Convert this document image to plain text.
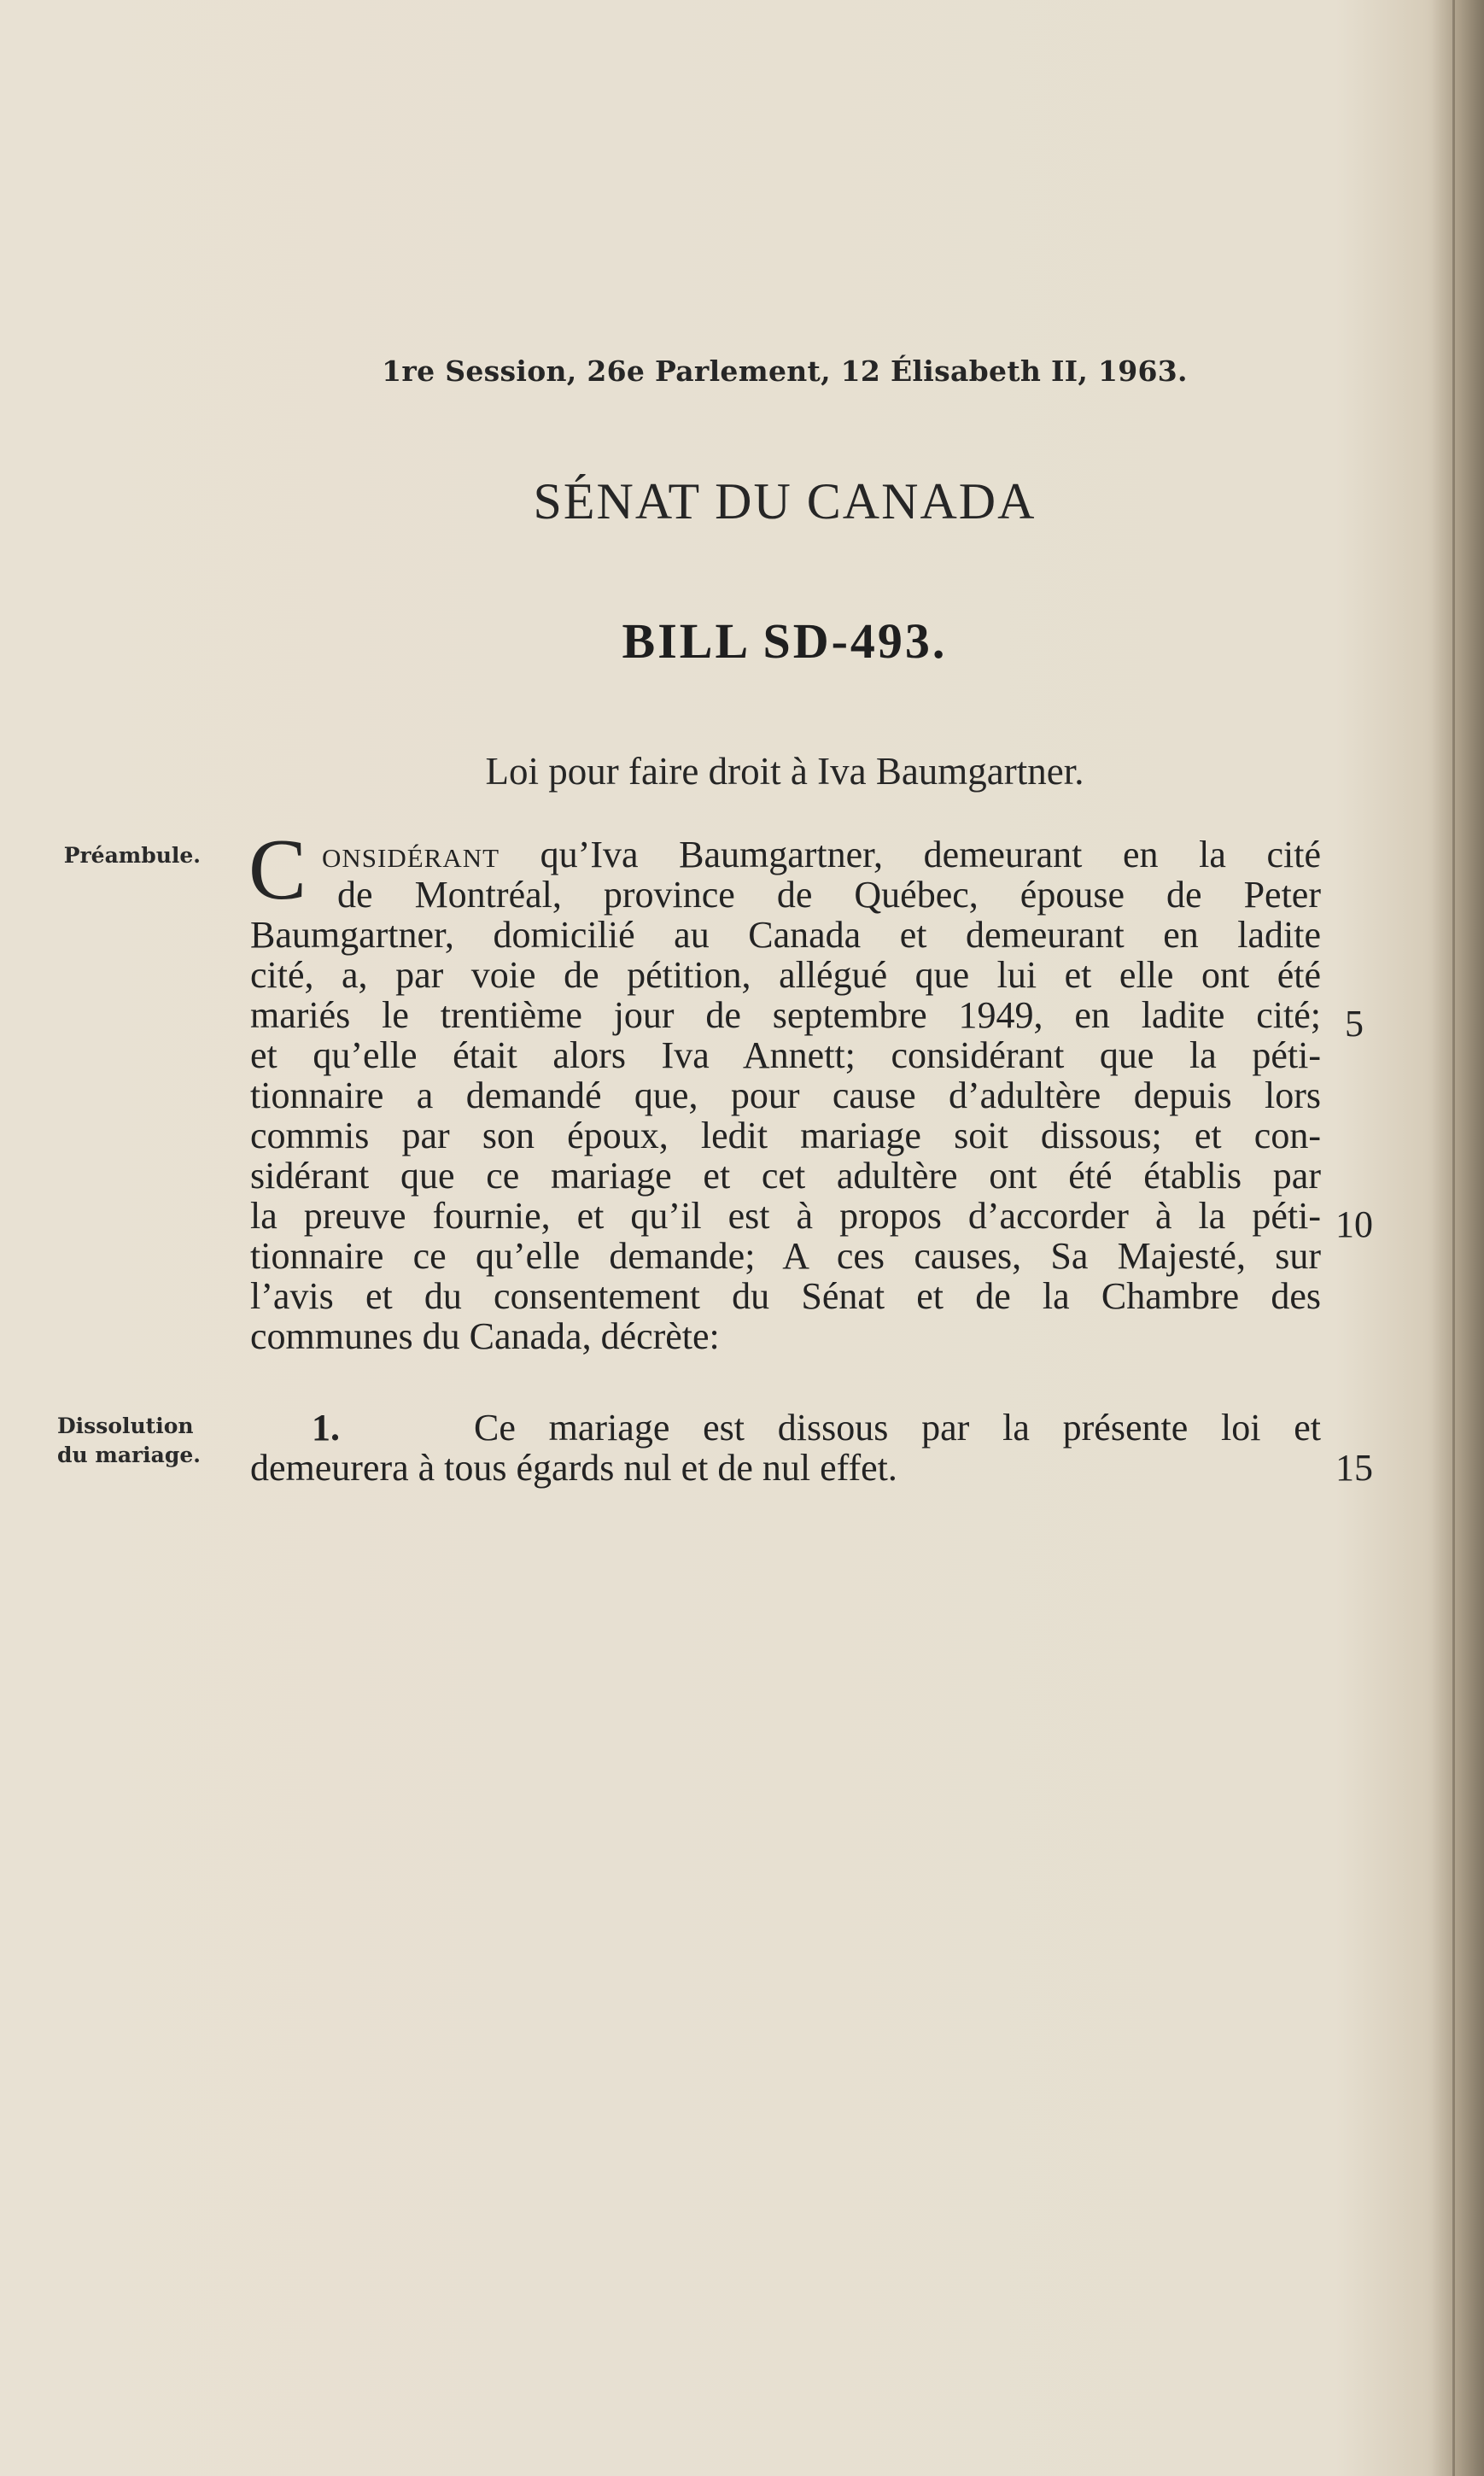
1re Session, 26e Parlement, 12 Élisabeth II, 1963.
SÉNAT DU CANADA
BILL SD-493.
Loi pour faire droit à Iva Baumgartner.
Préambule. C onsidérant qu’Iva Baumgartner, demeurant en la cité
de Montréal, province de Québec, épouse de Peter
Baumgartner, domicilié au Canada et demeurant en ladite
cité, a, par voie de pétition, allégué que lui et elle ont été
mariés le trentième jour de septembre 1949, en ladite cité;
et qu’elle était alors Iva Annett; considérant que la péti-
tionnaire a demandé que, pour cause d’adultère depuis lors
commis par son époux, ledit mariage soit dissous; et con-
sidérant que ce mariage et cet adultère ont été établis par
la preuve fournie, et qu’il est à propos d’accorder à la péti-
tionnaire ce qu’elle demande; A ces causes, Sa Majesté, sur
l’avis et du consentement du Sénat et de la Chambre des
communes du Canada, décrète:
Dissolution
du mariage.
1.	Ce mariage est dissous par la présente loi et
demeurera à tous égards nul et de nul effet.
5
10
15
